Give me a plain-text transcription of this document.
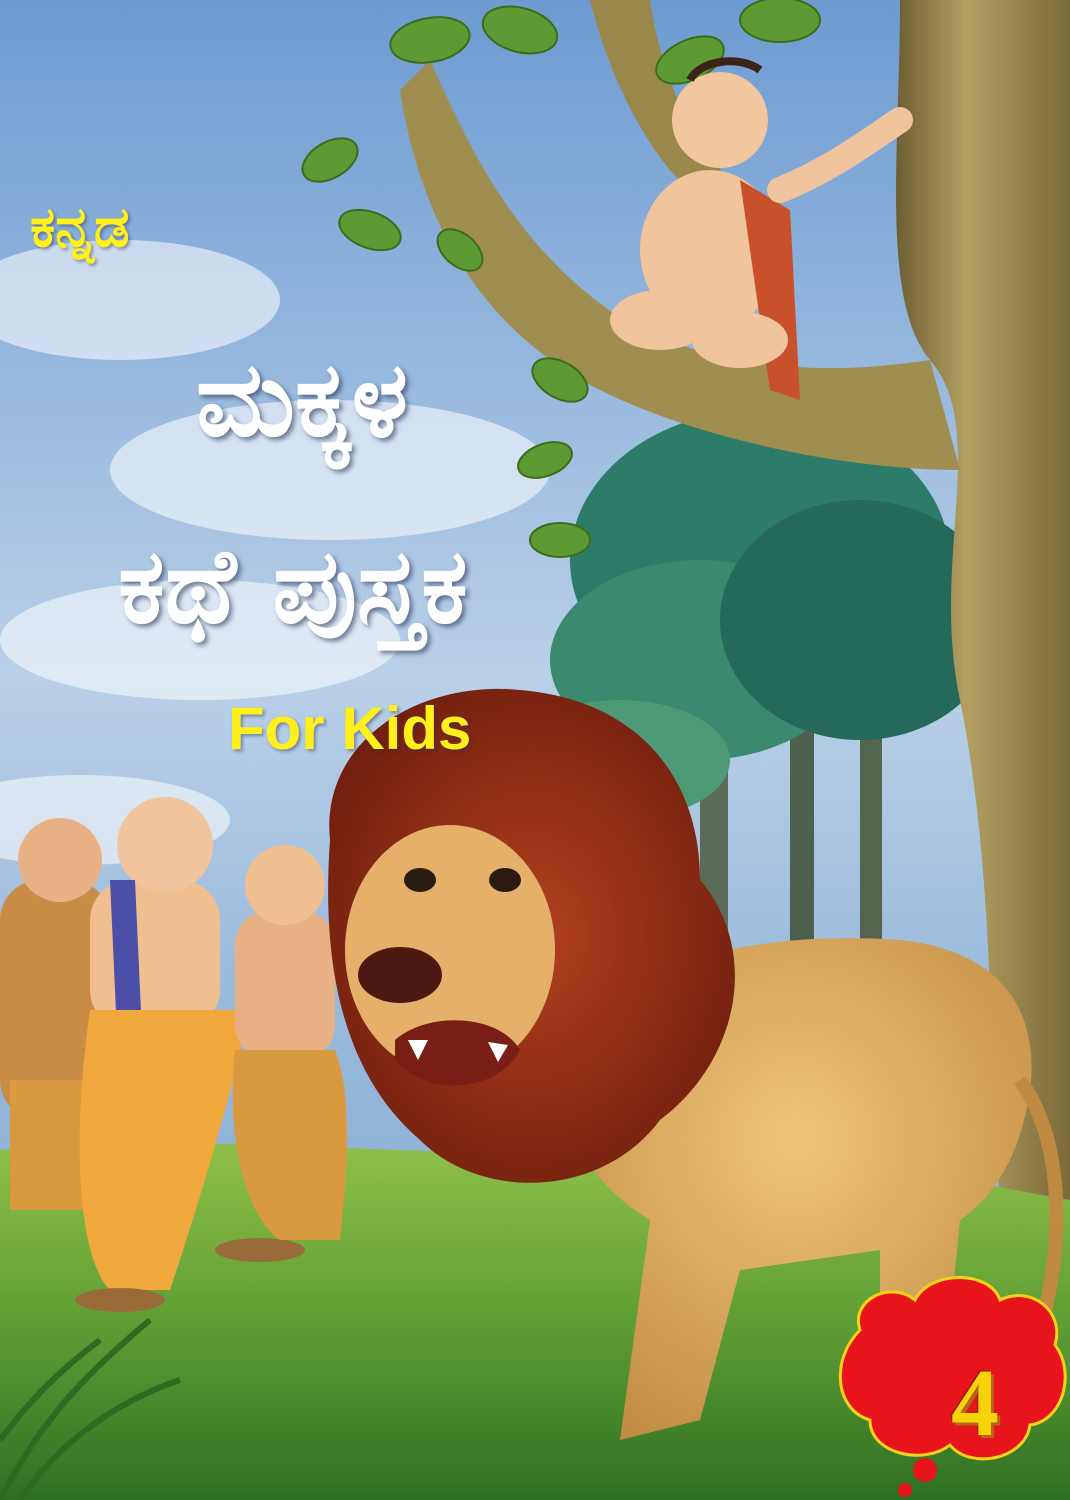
ಕನ್ನಡ
ಮಕ್ಕಳ
ಕಥೆ ಪುಸ್ತಕ
For Kids
4
